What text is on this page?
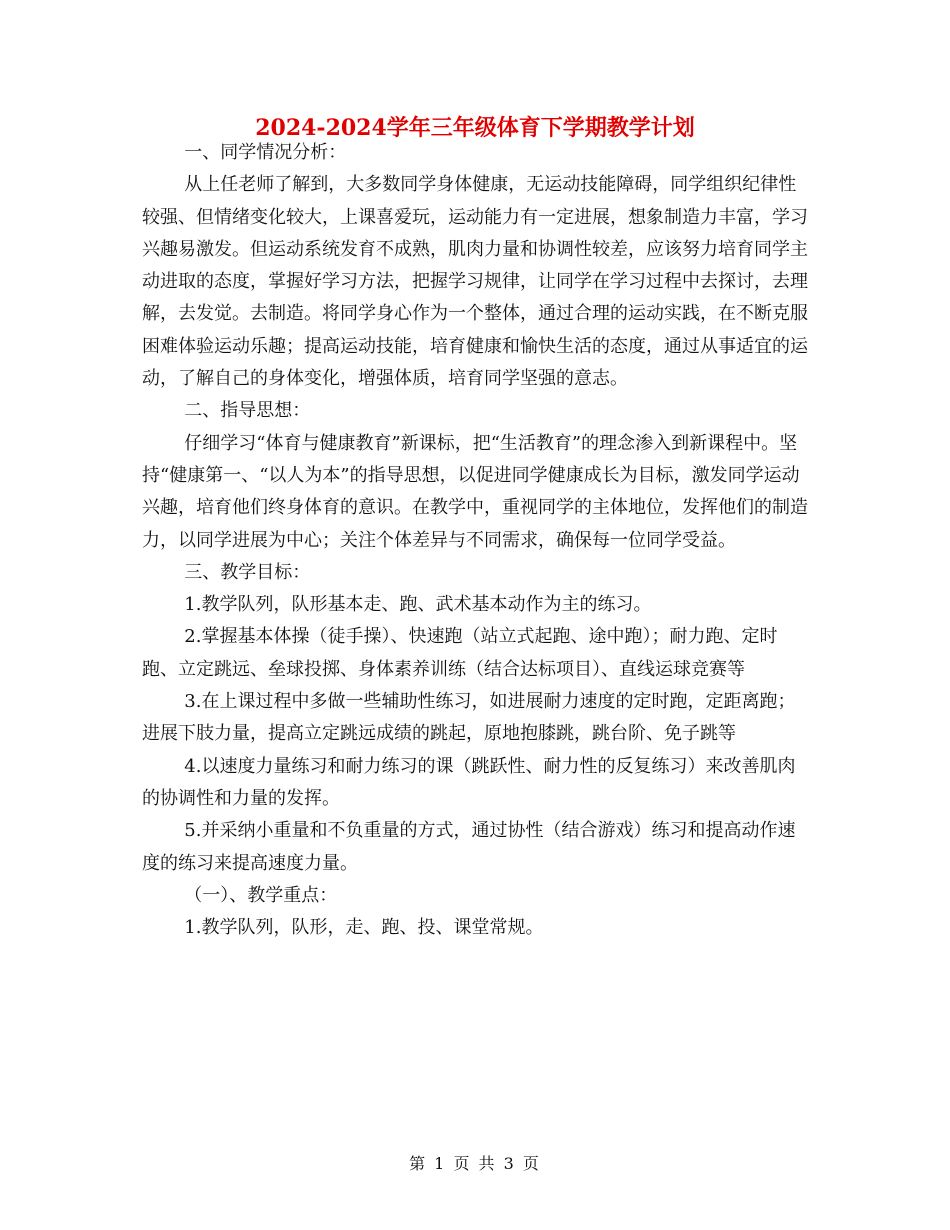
2024-2024学年三年级体育下学期教学计划

一、同学情况分析：

从上任老师了解到，大多数同学身体健康，无运动技能障碍，同学组织纪律性较强、但情绪变化较大，上课喜爱玩，运动能力有一定进展，想象制造力丰富，学习兴趣易激发。但运动系统发育不成熟，肌肉力量和协调性较差，应该努力培育同学主动进取的态度，掌握好学习方法，把握学习规律，让同学在学习过程中去探讨，去理解，去发觉。去制造。将同学身心作为一个整体，通过合理的运动实践，在不断克服困难体验运动乐趣；提高运动技能，培育健康和愉快生活的态度，通过从事适宜的运动，了解自己的身体变化，增强体质，培育同学坚强的意志。

二、指导思想：

仔细学习“体育与健康教育”新课标，把“生活教育”的理念渗入到新课程中。坚持“健康第一、“以人为本”的指导思想，以促进同学健康成长为目标，激发同学运动兴趣，培育他们终身体育的意识。在教学中，重视同学的主体地位，发挥他们的制造力，以同学进展为中心；关注个体差异与不同需求，确保每一位同学受益。

三、教学目标：

1.教学队列，队形基本走、跑、武术基本动作为主的练习。

2.掌握基本体操（徒手操）、快速跑（站立式起跑、途中跑）；耐力跑、定时跑、立定跳远、垒球投掷、身体素养训练（结合达标项目）、直线运球竞赛等

3.在上课过程中多做一些辅助性练习，如进展耐力速度的定时跑，定距离跑；进展下肢力量，提高立定跳远成绩的跳起，原地抱膝跳，跳台阶、免子跳等

4.以速度力量练习和耐力练习的课（跳跃性、耐力性的反复练习）来改善肌肉的协调性和力量的发挥。

5.并采纳小重量和不负重量的方式，通过协性（结合游戏）练习和提高动作速度的练习来提高速度力量。

（一）、教学重点：

1.教学队列，队形，走、跑、投、课堂常规。

第 1 页 共 3 页
